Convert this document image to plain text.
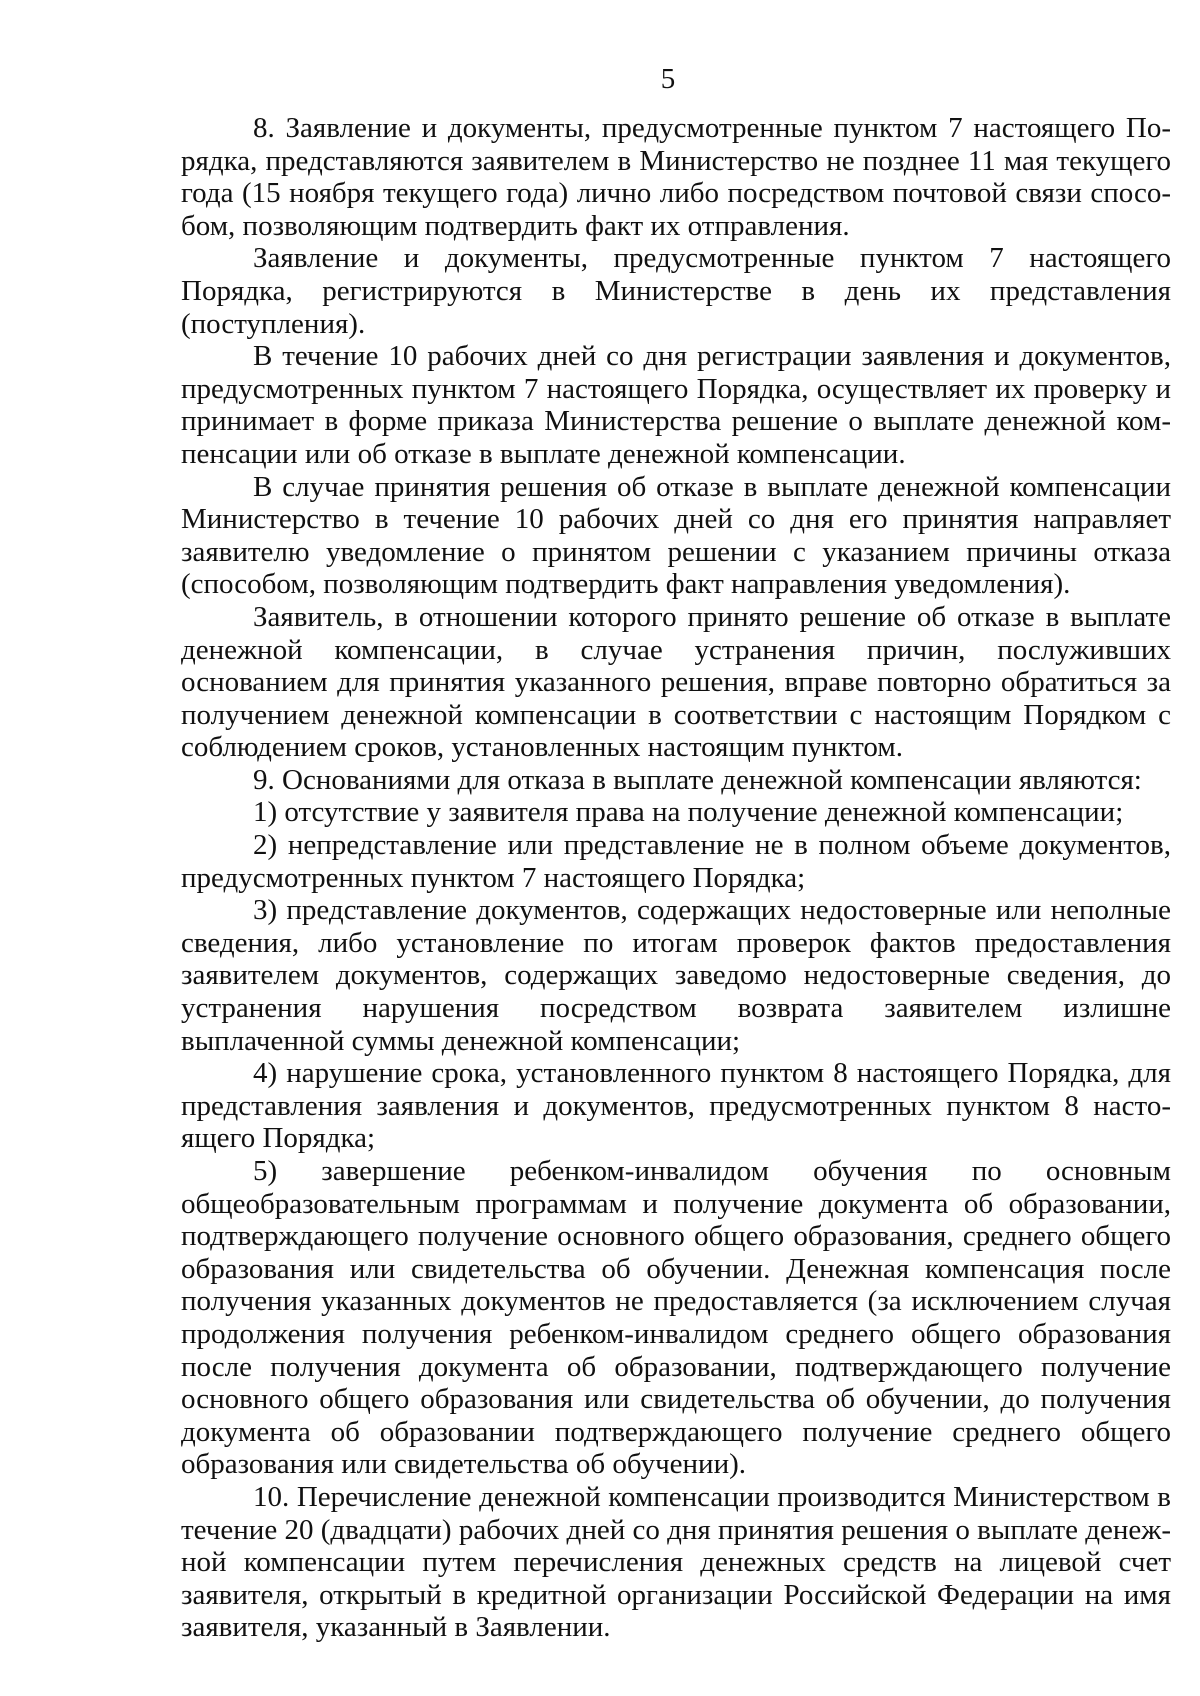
5

8. Заявление и документы, предусмотренные пунктом 7 настоящего Порядка, представляются заявителем в Министерство не позднее 11 мая текущего года (15 ноября текущего года) лично либо посредством почтовой связи способом, позволяющим подтвердить факт их отправления.

Заявление и документы, предусмотренные пунктом 7 настоящего Порядка, регистрируются в Министерстве в день их представления (поступления).

В течение 10 рабочих дней со дня регистрации заявления и документов, предусмотренных пунктом 7 настоящего Порядка, осуществляет их проверку и принимает в форме приказа Министерства решение о выплате денежной компенсации или об отказе в выплате денежной компенсации.

В случае принятия решения об отказе в выплате денежной компенсации Министерство в течение 10 рабочих дней со дня его принятия направляет заявителю уведомление о принятом решении с указанием причины отказа (способом, позволяющим подтвердить факт направления уведомления).

Заявитель, в отношении которого принято решение об отказе в выплате денежной компенсации, в случае устранения причин, послуживших основанием для принятия указанного решения, вправе повторно обратиться за получением денежной компенсации в соответствии с настоящим Порядком с соблюдением сроков, установленных настоящим пунктом.

9. Основаниями для отказа в выплате денежной компенсации являются:

1) отсутствие у заявителя права на получение денежной компенсации;

2) непредставление или представление не в полном объеме документов, предусмотренных пунктом 7 настоящего Порядка;

3) представление документов, содержащих недостоверные или неполные сведения, либо установление по итогам проверок фактов предоставления заявителем документов, содержащих заведомо недостоверные сведения, до устранения нарушения посредством возврата заявителем излишне выплаченной суммы денежной компенсации;

4) нарушение срока, установленного пунктом 8 настоящего Порядка, для представления заявления и документов, предусмотренных пунктом 8 настоящего Порядка;

5) завершение ребенком-инвалидом обучения по основным общеобразовательным программам и получение документа об образовании, подтверждающего получение основного общего образования, среднего общего образования или свидетельства об обучении. Денежная компенсация после получения указанных документов не предоставляется (за исключением случая продолжения получения ребенком-инвалидом среднего общего образования после получения документа об образовании, подтверждающего получение основного общего образования или свидетельства об обучении, до получения документа об образовании подтверждающего получение среднего общего образования или свидетельства об обучении).

10. Перечисление денежной компенсации производится Министерством в течение 20 (двадцати) рабочих дней со дня принятия решения о выплате денежной компенсации путем перечисления денежных средств на лицевой счет заявителя, открытый в кредитной организации Российской Федерации на имя заявителя, указанный в Заявлении.
